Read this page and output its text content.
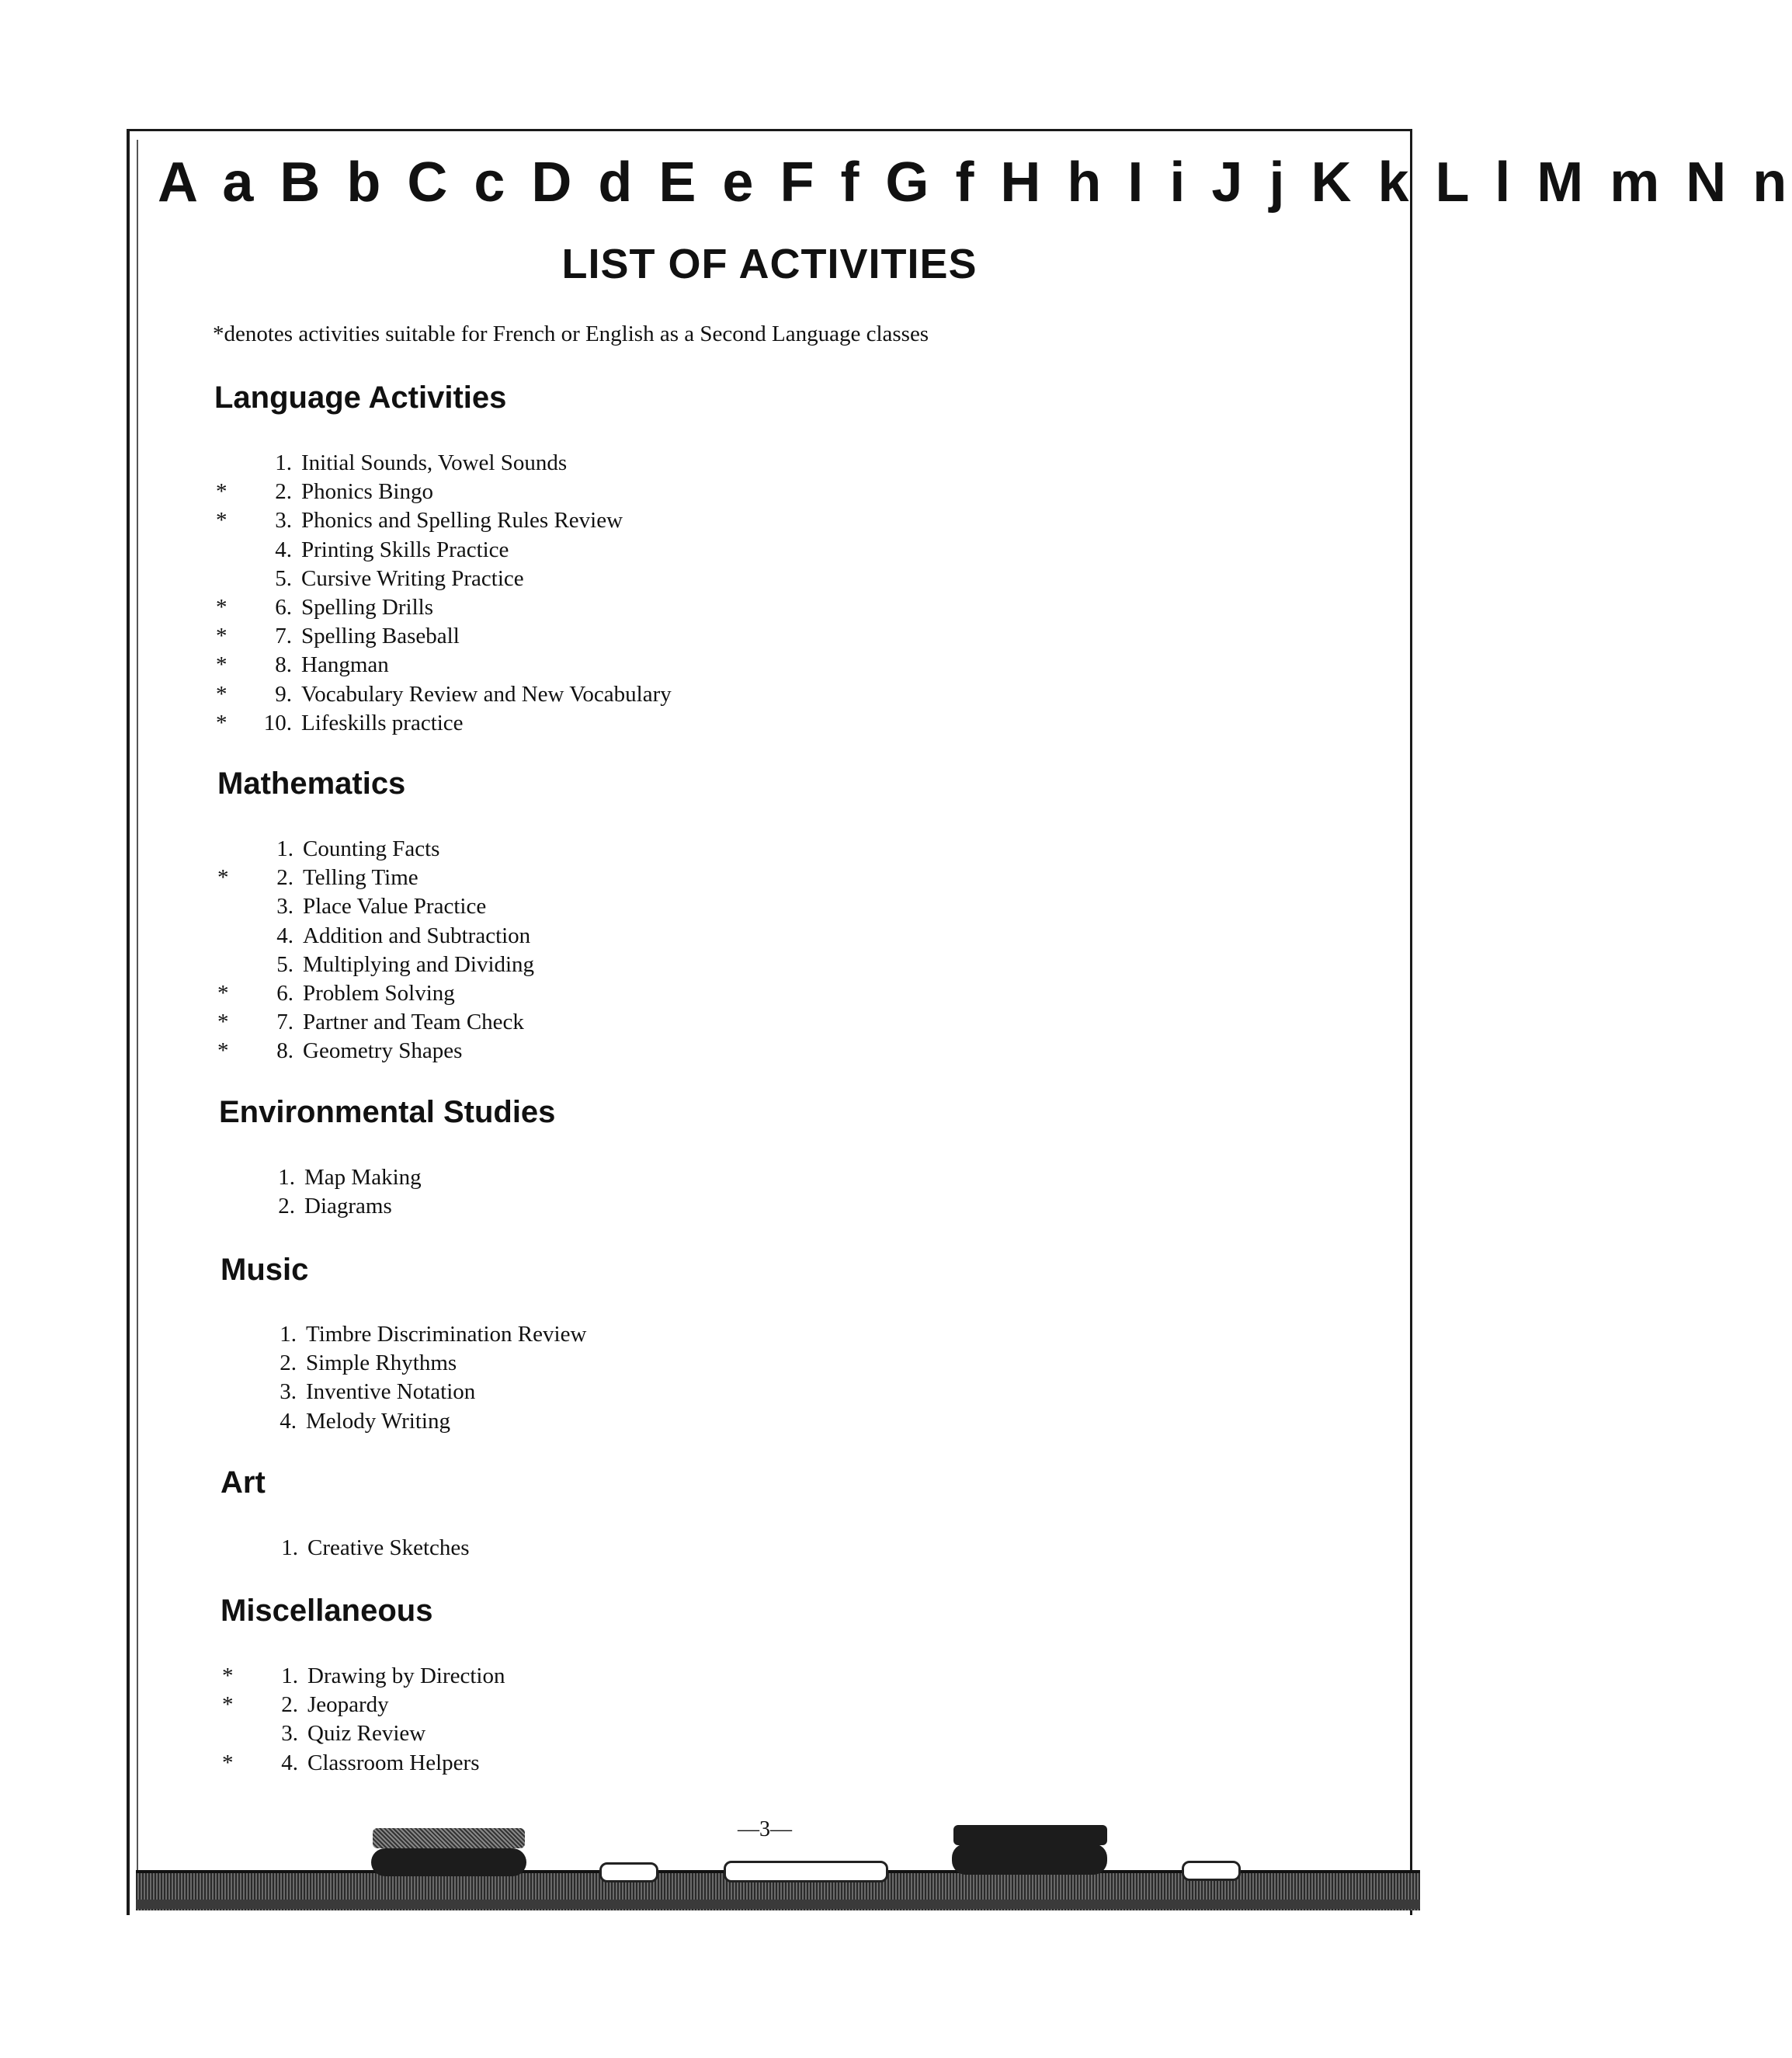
A a B b C c D d E e F f G f H h I i J j K k L l M m N n
LIST OF ACTIVITIES
*denotes activities suitable for French or English as a Second Language classes
Language Activities
1. Initial Sounds, Vowel Sounds
*	2. Phonics Bingo
*	3. Phonics and Spelling Rules Review
4. Printing Skills Practice
5. Cursive Writing Practice
*	6. Spelling Drills
*	7. Spelling Baseball
*	8. Hangman
*	9. Vocabulary Review and New Vocabulary
*	10. Lifeskills practice
Mathematics
1. Counting Facts
*	2. Telling Time
3. Place Value Practice
4. Addition and Subtraction
5. Multiplying and Dividing
*	6. Problem Solving
*	7. Partner and Team Check
*	8. Geometry Shapes
Environmental Studies
1. Map Making
2. Diagrams
Music
1. Timbre Discrimination Review
2. Simple Rhythms
3. Inventive Notation
4. Melody Writing
Art
1. Creative Sketches
Miscellaneous
*	1. Drawing by Direction
*	2. Jeopardy
3. Quiz Review
*	4. Classroom Helpers
—3—
